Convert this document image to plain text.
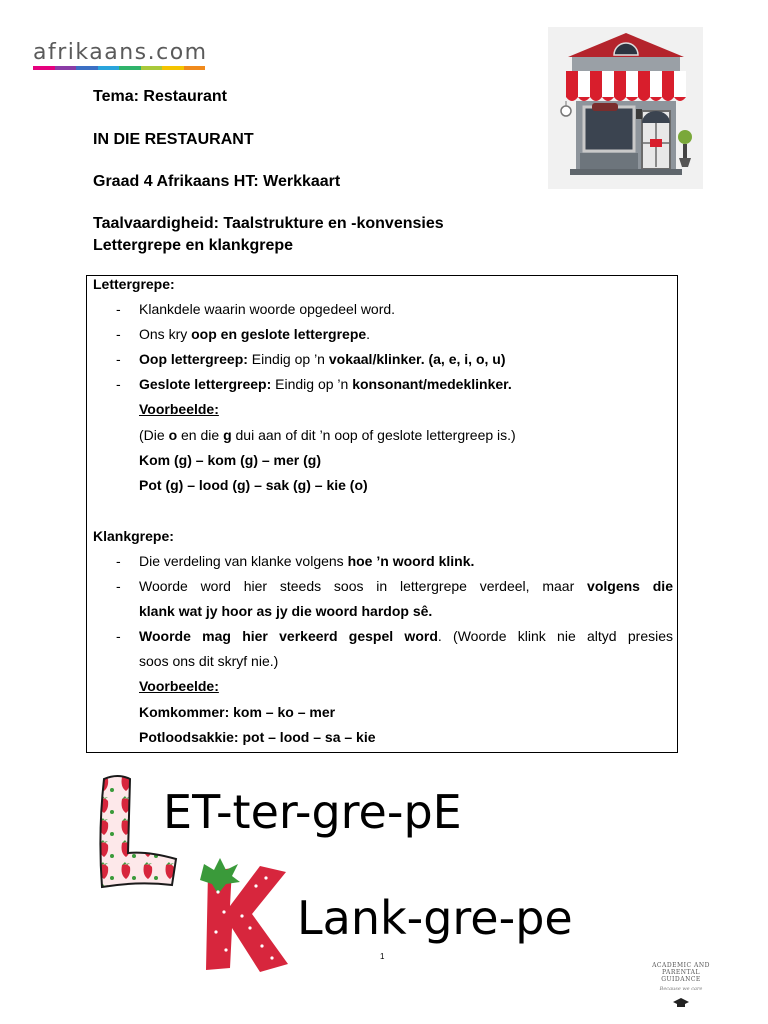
afrikaans.com
Tema: Restaurant
IN DIE RESTAURANT
Graad 4 Afrikaans HT: Werkkaart
Taalvaardigheid: Taalstrukture en -konvensies
Lettergrepe en klankgrepe
Lettergrepe:
- Klankdele waarin woorde opgedeel word.
- Ons kry oop en geslote lettergrepe.
- Oop lettergreep: Eindig op ’n vokaal/klinker. (a, e, i, o, u)
- Geslote lettergreep: Eindig op ’n konsonant/medeklinker.
Voorbeelde:
(Die o en die g dui aan of dit ’n oop of geslote lettergreep is.)
Kom (g) – kom (g) – mer (g)
Pot (g) – lood (g) – sak (g) – kie (o)
Klankgrepe:
- Die verdeling van klanke volgens hoe ’n woord klink.
- Woorde word hier steeds soos in lettergrepe verdeel, maar volgens die
klank wat jy hoor as jy die woord hardop sê.
- Woorde mag hier verkeerd gespel word. (Woorde klink nie altyd presies
soos ons dit skryf nie.)
Voorbeelde:
Komkommer: kom – ko – mer
Potloodsakkie: pot – lood – sa – kie
ET-ter-gre-pE
Lank-gre-pe
1
ACADEMIC AND PARENTAL
GUIDANCE
Because we care
